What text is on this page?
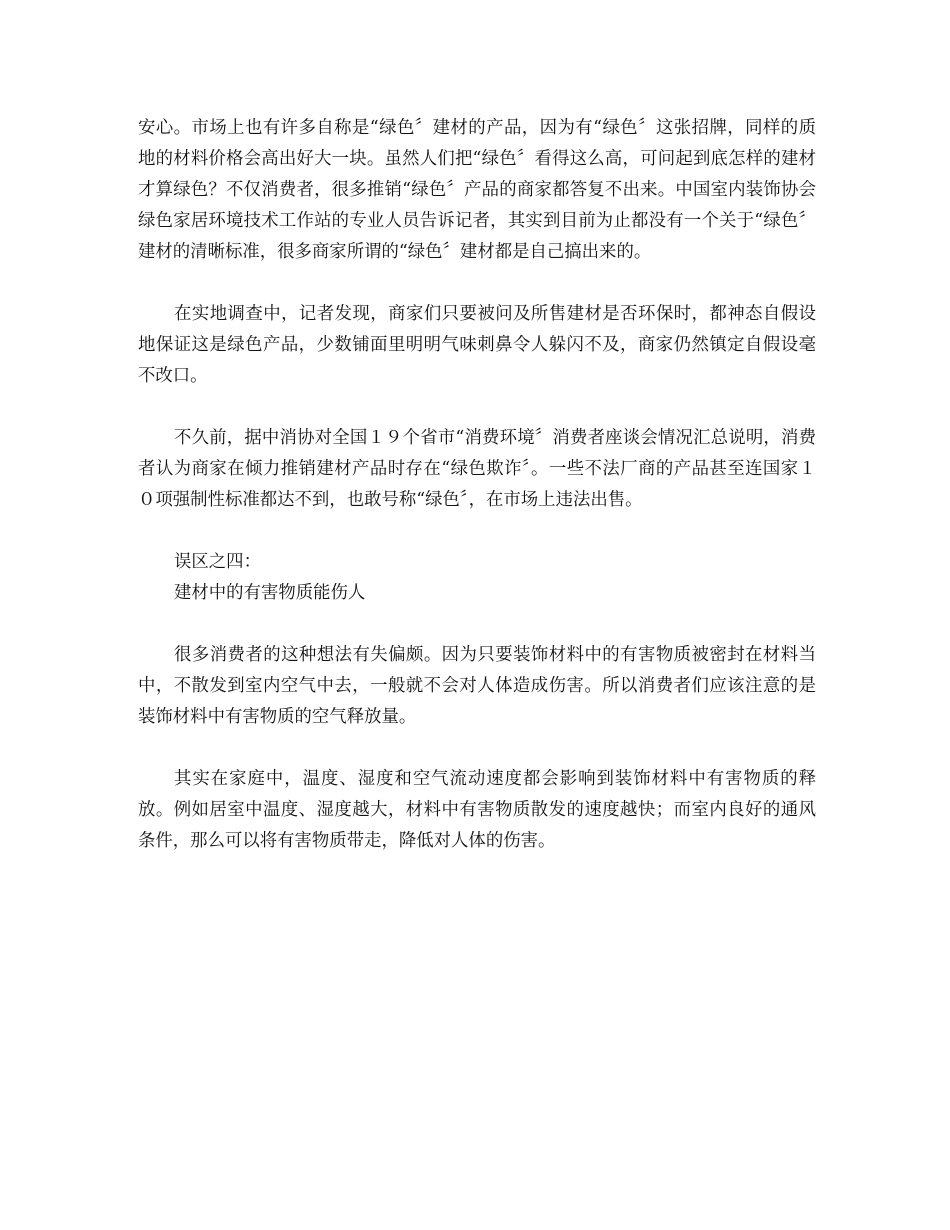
安心。市场上也有许多自称是“绿色〞建材的产品，因为有“绿色〞这张招牌，同样的质地的材料价格会高出好大一块。虽然人们把“绿色〞看得这么高，可问起到底怎样的建材才算绿色？不仅消费者，很多推销“绿色〞产品的商家都答复不出来。中国室内装饰协会绿色家居环境技术工作站的专业人员告诉记者，其实到目前为止都没有一个关于“绿色〞建材的清晰标准，很多商家所谓的“绿色〞建材都是自己搞出来的。

在实地调查中，记者发现，商家们只要被问及所售建材是否环保时，都神态自假设地保证这是绿色产品，少数铺面里明明气味刺鼻令人躲闪不及，商家仍然镇定自假设毫不改口。

不久前，据中消协对全国１９个省市“消费环境〞消费者座谈会情况汇总说明，消费者认为商家在倾力推销建材产品时存在“绿色欺诈〞。一些不法厂商的产品甚至连国家１０项强制性标准都达不到，也敢号称“绿色〞，在市场上违法出售。

误区之四：

建材中的有害物质能伤人

很多消费者的这种想法有失偏颇。因为只要装饰材料中的有害物质被密封在材料当中，不散发到室内空气中去，一般就不会对人体造成伤害。所以消费者们应该注意的是装饰材料中有害物质的空气释放量。

其实在家庭中，温度、湿度和空气流动速度都会影响到装饰材料中有害物质的释放。例如居室中温度、湿度越大，材料中有害物质散发的速度越快；而室内良好的通风条件，那么可以将有害物质带走，降低对人体的伤害。
